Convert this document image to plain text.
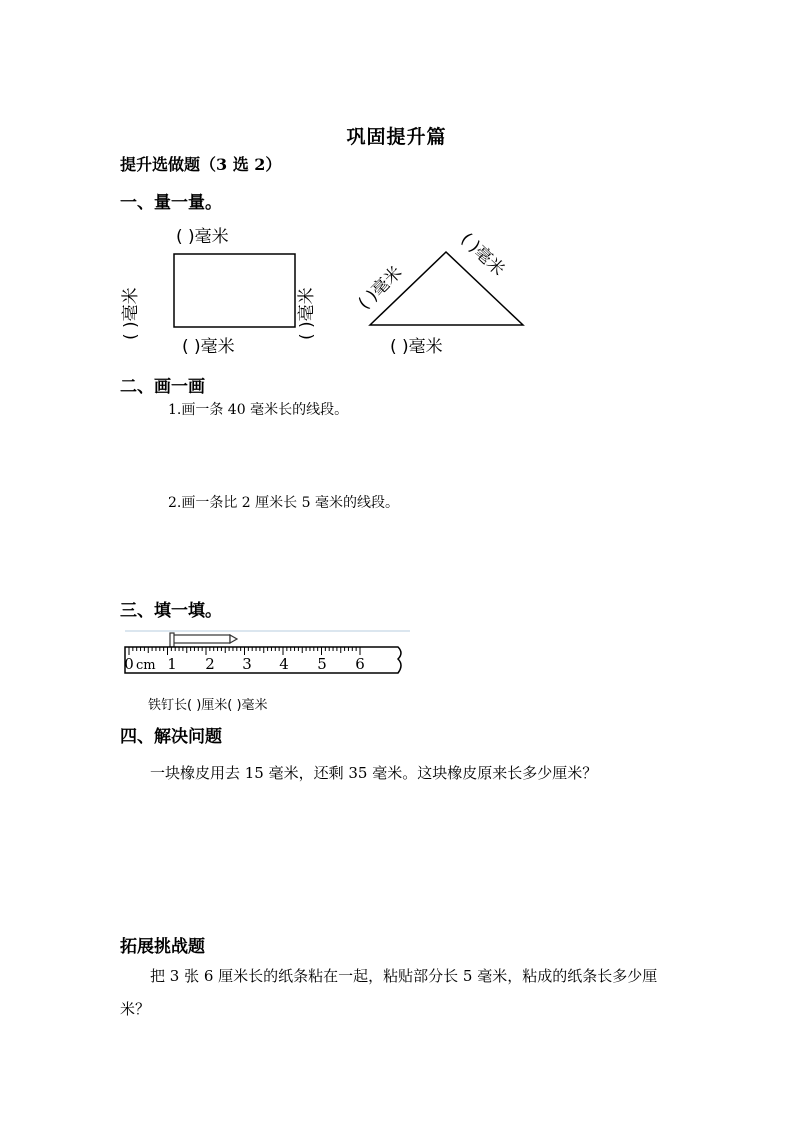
巩固提升篇
提升选做题（3 选 2）
一、量一量。
( )毫米
( )毫米
( )毫米	( )毫米 ( )毫米
( )毫米
( )毫米
二、画一画
1.画一条 40 毫米长的线段。
2.画一条比 2 厘米长 5 毫米的线段。
三、填一填。
cm
0 1 2 3 4 5 6
铁钉长( )厘米( )毫米
四、解决问题
一块橡皮用去 15 毫米，还剩 35 毫米。这块橡皮原来长多少厘米？
拓展挑战题
把 3 张 6 厘米长的纸条粘在一起，粘贴部分长 5 毫米，粘成的纸条长多少厘米？
